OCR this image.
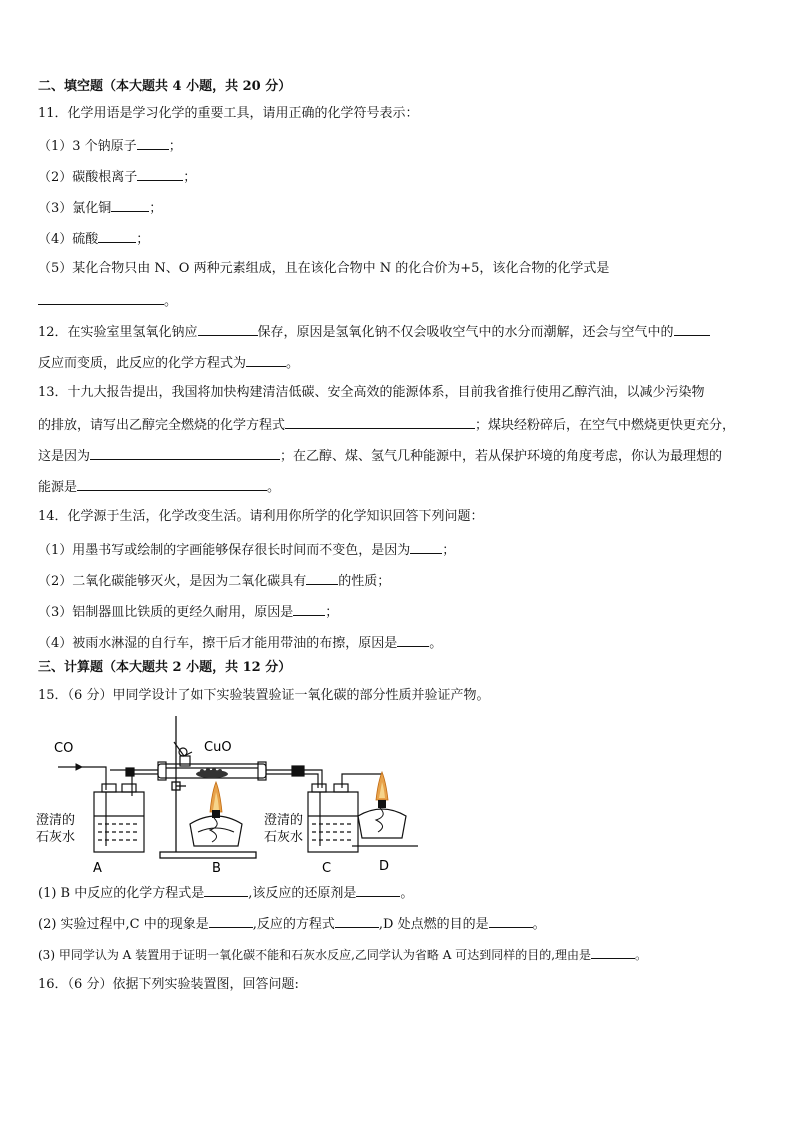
二、填空题（本大题共 4 小题，共 20 分）
11．化学用语是学习化学的重要工具，请用正确的化学符号表示：
（1）3 个钠原子 ；
（2）碳酸根离子	；
（3）氯化铜	；
（4）硫酸	；
（5）某化合物只由 N、O 两种元素组成，且在该化合物中 N 的化合价为+5，该化合物的化学式是
。
12．在实验室里氢氧化钠应	保存，原因是氢氧化钠不仅会吸收空气中的水分而潮解，还会与空气中的
反应而变质，此反应的化学方程式为	。
13．十九大报告提出，我国将加快构建清洁低碳、安全高效的能源体系，目前我省推行使用乙醇汽油，以减少污染物
的排放，请写出乙醇完全燃烧的化学方程式	；煤块经粉碎后，在空气中燃烧更快更充分，
这是因为	；在乙醇、煤、氢气几种能源中，若从保护环境的角度考虑，你认为最理想的
能源是	。
14．化学源于生活，化学改变生活。请利用你所学的化学知识回答下列问题：
（1）用墨书写或绘制的字画能够保存很长时间而不变色，是因为 ；
（2）二氧化碳能够灭火，是因为二氧化碳具有 的性质；
（3）铝制器皿比铁质的更经久耐用，原因是 ；
（4）被雨水淋湿的自行车，擦干后才能用带油的布擦，原因是 。
三、计算题（本大题共 2 小题，共 12 分）
15．（6 分）甲同学设计了如下实验装置验证一氧化碳的部分性质并验证产物。
CO
澄清的
石灰水
A
CuO
B
澄清的
石灰水
C	D
(1) B 中反应的化学方程式是	,该反应的还原剂是	。
(2) 实验过程中,C 中的现象是	,反应的方程式	,D 处点燃的目的是	。
(3) 甲同学认为 A 装置用于证明一氧化碳不能和石灰水反应,乙同学认为省略 A 可达到同样的目的,理由是	。
16．（6 分）依据下列实验装置图，回答问题:
